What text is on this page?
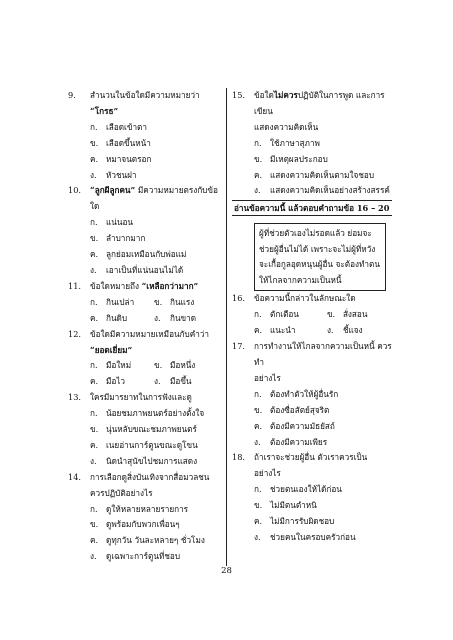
9.	สำนวนในข้อใดมีความหมายว่า “โกรธ”
ก.	เลือดเข้าตา
ข. เลือดขึ้นหน้า
ค. หมาจนตรอก
ง.	หัวชนฝา
10.	“ลูกผีลูกคน” มีความหมายตรงกับข้อใด
ก.	แน่นอน
ข. ลำบากมาก
ค. ลูกย่อมเหมือนกับพ่อแม่
ง.	เอาเป็นที่แน่นอนไม่ได้
11.	ข้อใดหมายถึง “เหลือกว่ามาก”
ก.	กินเปล่า ข. กินแรง
ค. กินดิบ	ง.	กินขาด
12.	ข้อใดมีความหมายเหมือนกับคำว่า
“ยอดเยี่ยม”
ก.	มือใหม่	ข. มือหนึ่ง
ค. มือไว	ง.	มือขึ้น
13.	ใครมีมารยาทในการฟังและดู
ก.	น้อยชมภาพยนตร์อย่างตั้งใจ
ข. นุ่นหลับขณะชมภาพยนตร์
ค. เนยอ่านการ์ตูนขณะดูโขน
ง.	นิดนำสุนัขไปชมการแสดง
14.	การเลือกดูสิ่งบันเทิงจากสื่อมวลชน
ควรปฏิบัติอย่างไร
ก.	ดูให้หลายหลายรายการ
ข. ดูพร้อมกับพวกเพื่อนๆ
ค. ดูทุกวัน วันละหลายๆ ชั่วโมง
ง.	ดูเฉพาะการ์ตูนที่ชอบ
15.	ข้อใดไม่ควรปฏิบัติในการพูด และการเขียน
แสดงความคิดเห็น
ก.	ใช้ภาษาสุภาพ
ข. มีเหตุผลประกอบ
ค. แสดงความคิดเห็นตามใจชอบ
ง.	แสดงความคิดเห็นอย่างสร้างสรรค์
อ่านข้อความนี้ แล้วตอบคำถามข้อ 16 – 20
ผู้ที่ช่วยตัวเองไม่รอดแล้ว ย่อมจะช่วยผู้อื่นไม่ได้ เพราะจะไม่ผู้ที่หวังจะเกื้อกูลอุดหนุนผู้อื่น จะต้องทำตนให้ไกลจากความเป็นหนี้
16.	ข้อความนี้กล่าวในลักษณะใด
ก.	ตักเตือน	ข. สั่งสอน
ค. แนะนำ	ง.	ชี้แจง
17.	การทำงานให้ไกลจากความเป็นหนี้ ควรทำ
อย่างไร
ก.	ต้องทำตัวให้ผู้อื่นรัก
ข. ต้องซื่อสัตย์สุจริต
ค. ต้องมีความมัธยัสถ์
ง.	ต้องมีความเพียร
18.	ถ้าเราจะช่วยผู้อื่น ตัวเราควรเป็นอย่างไร
ก.	ช่วยตนเองให้ได้ก่อน
ข. ไม่มีตนตำหนิ
ค. ไม่มีการรับผิดชอบ
ง.	ช่วยคนในครอบครัวก่อน
28
